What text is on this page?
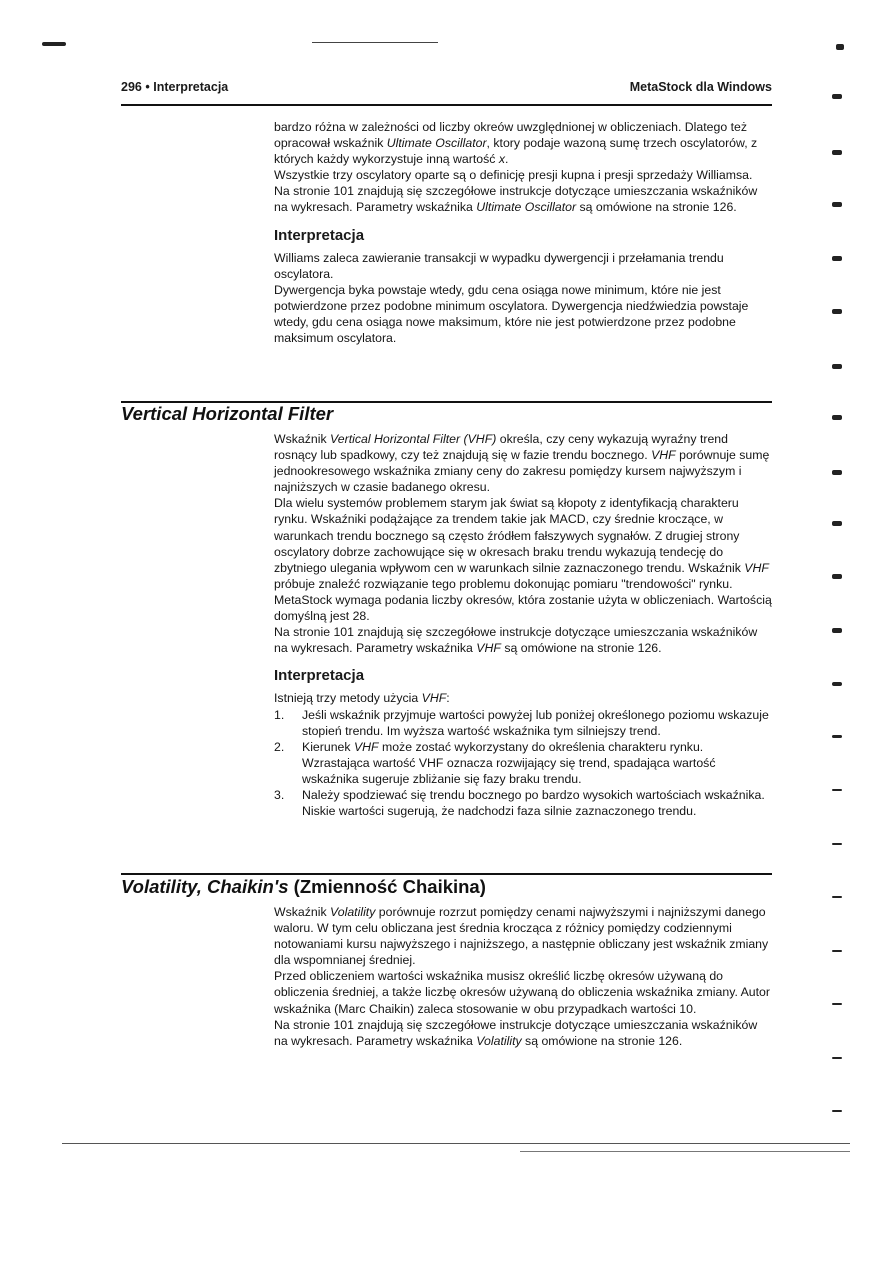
296 • Interpretacja	MetaStock dla Windows

bardzo różna w zależności od liczby okreów uwzględnionej w obliczeniach. Dlatego też opracował wskaźnik Ultimate Oscillator, ktory podaje wazoną sumę trzech oscylatorów, z których każdy wykorzystuje inną wartość x.

Wszystkie trzy oscylatory oparte są o definicję presji kupna i presji sprzedaży Williamsa.

Na stronie 101 znajdują się szczegółowe instrukcje dotyczące umieszczania wskaźników na wykresach. Parametry wskaźnika Ultimate Oscillator są omówione na stronie 126.

Interpretacja

Williams zaleca zawieranie transakcji w wypadku dywergencji i przełamania trendu oscylatora.

Dywergencja byka powstaje wtedy, gdu cena osiąga nowe minimum, które nie jest potwierdzone przez podobne minimum oscylatora. Dywergencja niedźwiedzia powstaje wtedy, gdu cena osiąga nowe maksimum, które nie jest potwierdzone przez podobne maksimum oscylatora.

Vertical Horizontal Filter

Wskaźnik Vertical Horizontal Filter (VHF) określa, czy ceny wykazują wyraźny trend rosnący lub spadkowy, czy też znajdują się w fazie trendu bocznego. VHF porównuje sumę jednookresowego wskaźnika zmiany ceny do zakresu pomiędzy kursem najwyższym i najniższych w czasie badanego okresu.

Dla wielu systemów problemem starym jak świat są kłopoty z identyfikacją charakteru rynku. Wskaźniki podążające za trendem takie jak MACD, czy średnie kroczące, w warunkach trendu bocznego są często źródłem fałszywych sygnałów. Z drugiej strony oscylatory dobrze zachowujące się w okresach braku trendu wykazują tendecję do zbytniego ulegania wpływom cen w warunkach silnie zaznaczonego trendu. Wskaźnik VHF próbuje znaleźć rozwiązanie tego problemu dokonując pomiaru "trendowości" rynku.

MetaStock wymaga podania liczby okresów, która zostanie użyta w obliczeniach. Wartością domyślną jest 28.

Na stronie 101 znajdują się szczegółowe instrukcje dotyczące umieszczania wskaźników na wykresach. Parametry wskaźnika VHF są omówione na stronie 126.

Interpretacja

Istnieją trzy metody użycia VHF:

1. Jeśli wskaźnik przyjmuje wartości powyżej lub poniżej określonego poziomu wskazuje stopień trendu. Im wyższa wartość wskaźnika tym silniejszy trend.
2. Kierunek VHF może zostać wykorzystany do określenia charakteru rynku. Wzrastająca wartość VHF oznacza rozwijający się trend, spadająca wartość wskaźnika sugeruje zbliżanie się fazy braku trendu.
3. Należy spodziewać się trendu bocznego po bardzo wysokich wartościach wskaźnika. Niskie wartości sugerują, że nadchodzi faza silnie zaznaczonego trendu.
Volatility, Chaikin's (Zmienność Chaikina)

Wskaźnik Volatility porównuje rozrzut pomiędzy cenami najwyższymi i najniższymi danego waloru. W tym celu obliczana jest średnia krocząca z różnicy pomiędzy codziennymi notowaniami kursu najwyższego i najniższego, a następnie obliczany jest wskaźnik zmiany dla wspomnianej średniej.

Przed obliczeniem wartości wskaźnika musisz określić liczbę okresów używaną do obliczenia średniej, a także liczbę okresów używaną do obliczenia wskaźnika zmiany. Autor wskaźnika (Marc Chaikin) zaleca stosowanie w obu przypadkach wartości 10.

Na stronie 101 znajdują się szczegółowe instrukcje dotyczące umieszczania wskaźników na wykresach. Parametry wskaźnika Volatility są omówione na stronie 126.
